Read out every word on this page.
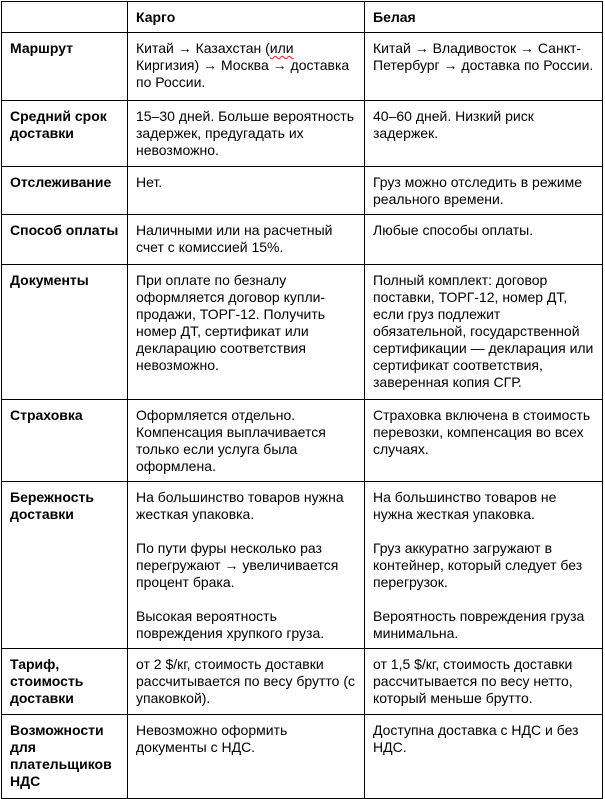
	Карго	Белая
Маршрут	Китай → Казахстан (или Киргизия) → Москва → доставка по России.	Китай → Владивосток → Санкт-Петербург → доставка по России.

Средний срок доставки	15–30 дней. Больше вероятность задержек, предугадать их невозможно.	40–60 дней. Низкий риск задержек.

Отслеживание	Нет.	Груз можно отследить в режиме реального времени.

Способ оплаты	Наличными или на расчетный счет с комиссией 15%.	Любые способы оплаты.

Документы	При оплате по безналу оформляется договор купли-продажи, ТОРГ-12. Получить номер ДТ, сертификат или декларацию соответствия невозможно.	Полный комплект: договор поставки, ТОРГ-12, номер ДТ, если груз подлежит обязательной, государственной сертификации — декларация или сертификат соответствия, заверенная копия СГР.

Страховка	Оформляется отдельно. Компенсация выплачивается только если услуга была оформлена.	Страховка включена в стоимость перевозки, компенсация во всех случаях.

Бережность доставки	На большинство товаров нужна жесткая упаковка.
По пути фуры несколько раз перегружают → увеличивается процент брака.
Высокая вероятность повреждения хрупкого груза.	На большинство товаров не нужна жесткая упаковка.
Груз аккуратно загружают в контейнер, который следует без перегрузок.
Вероятность повреждения груза минимальна.

Тариф, стоимость доставки	от 2 $/кг, стоимость доставки рассчитывается по весу брутто (с упаковкой).	от 1,5 $/кг, стоимость доставки рассчитывается по весу нетто, который меньше брутто.

Возможности для плательщиков НДС	Невозможно оформить документы с НДС.	Доступна доставка с НДС и без НДС.
